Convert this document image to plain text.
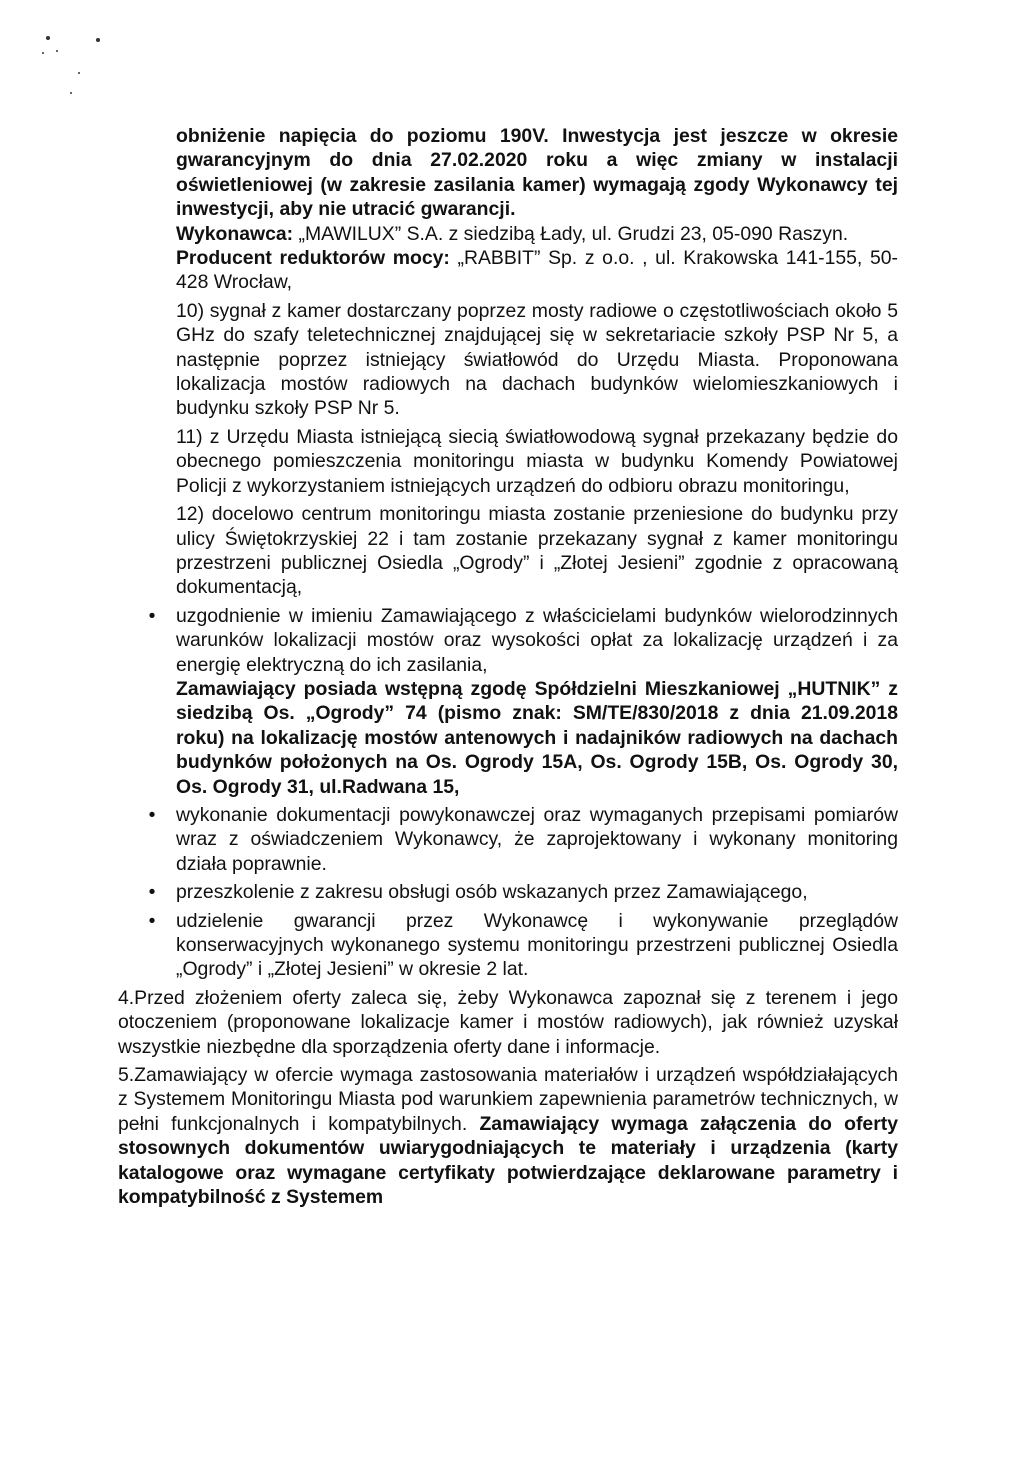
obniżenie napięcia do poziomu 190V. Inwestycja jest jeszcze w okresie gwarancyjnym do dnia 27.02.2020 roku a więc zmiany w instalacji oświetleniowej (w zakresie zasilania kamer) wymagają zgody Wykonawcy tej inwestycji, aby nie utracić gwarancji.

Wykonawca: „MAWILUX” S.A. z siedzibą Łady, ul. Grudzi 23, 05-090 Raszyn.

Producent reduktorów mocy: „RABBIT” Sp. z o.o. , ul. Krakowska 141-155, 50-428 Wrocław,

10) sygnał z kamer dostarczany poprzez mosty radiowe o częstotliwościach około 5 GHz do szafy teletechnicznej znajdującej się w sekretariacie szkoły PSP Nr 5, a następnie poprzez istniejący światłowód do Urzędu Miasta. Proponowana lokalizacja mostów radiowych na dachach budynków wielomieszkaniowych i budynku szkoły PSP Nr 5.

11) z Urzędu Miasta istniejącą siecią światłowodową sygnał przekazany będzie do obecnego pomieszczenia monitoringu miasta w budynku Komendy Powiatowej Policji z wykorzystaniem istniejących urządzeń do odbioru obrazu monitoringu,

12) docelowo centrum monitoringu miasta zostanie przeniesione do budynku przy ulicy Świętokrzyskiej 22 i tam zostanie przekazany sygnał z kamer monitoringu przestrzeni publicznej Osiedla „Ogrody” i „Złotej Jesieni” zgodnie z opracowaną dokumentacją,

• uzgodnienie w imieniu Zamawiającego z właścicielami budynków wielorodzinnych warunków lokalizacji mostów oraz wysokości opłat za lokalizację urządzeń i za energię elektryczną do ich zasilania,

Zamawiający posiada wstępną zgodę Spółdzielni Mieszkaniowej „HUTNIK” z siedzibą Os. „Ogrody” 74 (pismo znak: SM/TE/830/2018 z dnia 21.09.2018 roku) na lokalizację mostów antenowych i nadajników radiowych na dachach budynków położonych na Os. Ogrody 15A, Os. Ogrody 15B, Os. Ogrody 30, Os. Ogrody 31, ul.Radwana 15,

• wykonanie dokumentacji powykonawczej oraz wymaganych przepisami pomiarów wraz z oświadczeniem Wykonawcy, że zaprojektowany i wykonany monitoring działa poprawnie.

• przeszkolenie z zakresu obsługi osób wskazanych przez Zamawiającego,

• udzielenie gwarancji przez Wykonawcę i wykonywanie przeglądów konserwacyjnych wykonanego systemu monitoringu przestrzeni publicznej Osiedla „Ogrody” i „Złotej Jesieni” w okresie 2 lat.

4.Przed złożeniem oferty zaleca się, żeby Wykonawca zapoznał się z terenem i jego otoczeniem (proponowane lokalizacje kamer i mostów radiowych), jak również uzyskał wszystkie niezbędne dla sporządzenia oferty dane i informacje.

5.Zamawiający w ofercie wymaga zastosowania materiałów i urządzeń współdziałających z Systemem Monitoringu Miasta pod warunkiem zapewnienia parametrów technicznych, w pełni funkcjonalnych i kompatybilnych. Zamawiający wymaga załączenia do oferty stosownych dokumentów uwiarygodniających te materiały i urządzenia (karty katalogowe oraz wymagane certyfikaty potwierdzające deklarowane parametry i kompatybilność z Systemem
